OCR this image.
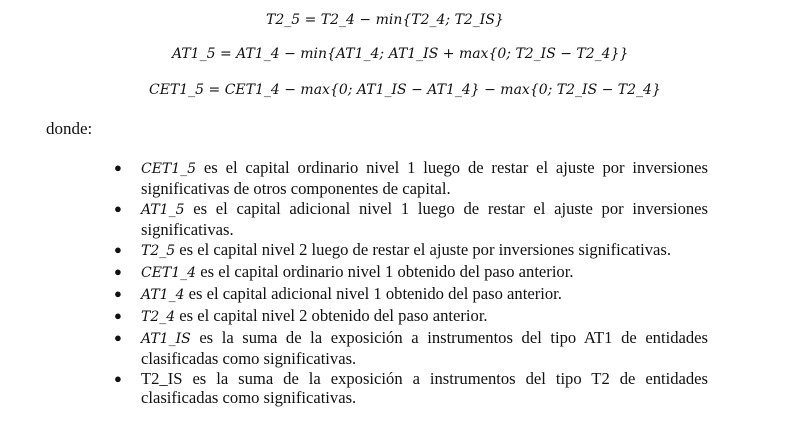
T2_5 = T2_4 − min{T2_4; T2_IS}
AT1_5 = AT1_4 − min{AT1_4; AT1_IS + max{0; T2_IS − T2_4}}
CET1_5 = CET1_4 − max{0; AT1_IS − AT1_4} − max{0; T2_IS − T2_4}
donde:
● CET1_5 es el capital ordinario nivel 1 luego de restar el ajuste por inversiones significativas de otros componentes de capital.
● AT1_5 es el capital adicional nivel 1 luego de restar el ajuste por inversiones significativas.
● T2_5 es el capital nivel 2 luego de restar el ajuste por inversiones significativas.
● CET1_4 es el capital ordinario nivel 1 obtenido del paso anterior.
● AT1_4 es el capital adicional nivel 1 obtenido del paso anterior.
● T2_4 es el capital nivel 2 obtenido del paso anterior.
● AT1_IS es la suma de la exposición a instrumentos del tipo AT1 de entidades clasificadas como significativas.
● T2_IS es la suma de la exposición a instrumentos del tipo T2 de entidades clasificadas como significativas.
